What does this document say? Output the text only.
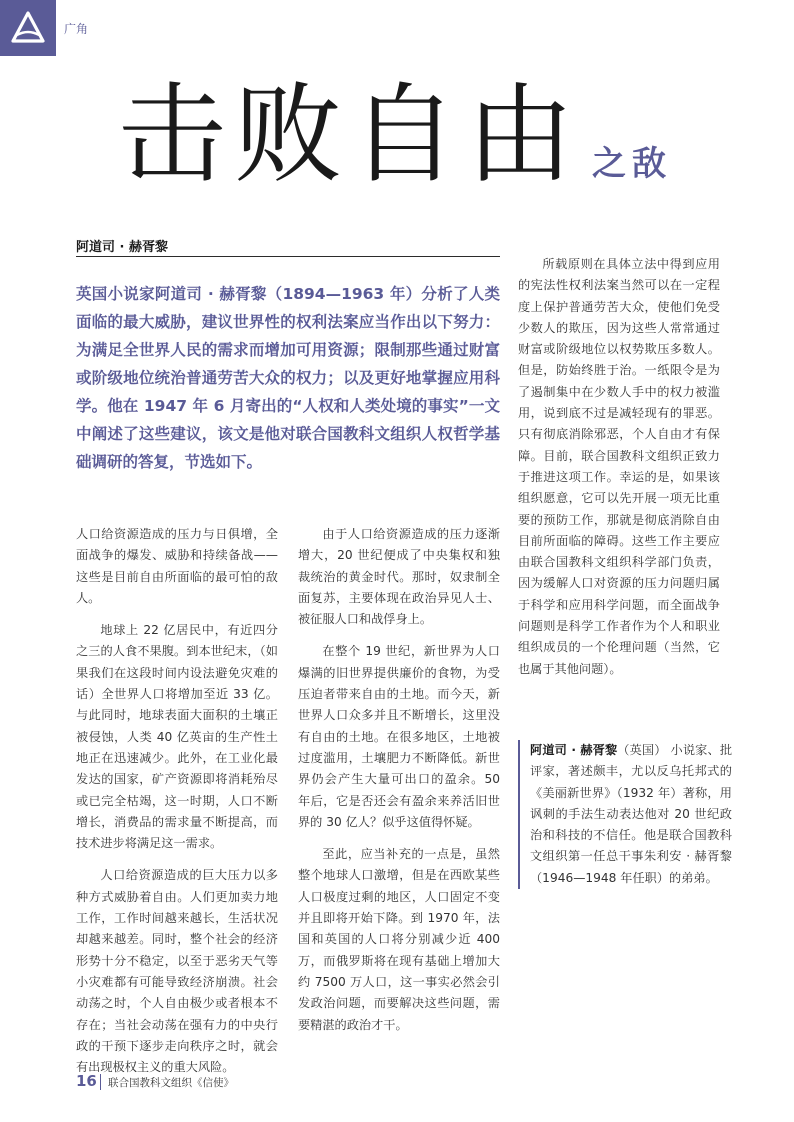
广角
击败自由 之敌
阿道司 · 赫胥黎

英国小说家阿道司 · 赫胥黎（1894—1963 年）分析了人类面临的最大威胁，建议世界性的权利法案应当作出以下努力：为满足全世界人民的需求而增加可用资源；限制那些通过财富或阶级地位统治普通劳苦大众的权力；以及更好地掌握应用科学。他在 1947 年 6 月寄出的“人权和人类处境的事实”一文中阐述了这些建议，该文是他对联合国教科文组织人权哲学基础调研的答复，节选如下。

人口给资源造成的压力与日俱增，全面战争的爆发、威胁和持续备战——这些是目前自由所面临的最可怕的敌人。

地球上 22 亿居民中，有近四分之三的人食不果腹。到本世纪末，（如果我们在这段时间内设法避免灾难的话）全世界人口将增加至近 33 亿。与此同时，地球表面大面积的土壤正被侵蚀，人类 40 亿英亩的生产性土地正在迅速减少。此外，在工业化最发达的国家，矿产资源即将消耗殆尽或已完全枯竭，这一时期，人口不断增长，消费品的需求量不断提高，而技术进步将满足这一需求。

人口给资源造成的巨大压力以多种方式威胁着自由。人们更加卖力地工作，工作时间越来越长，生活状况却越来越差。同时，整个社会的经济形势十分不稳定，以至于恶劣天气等小灾难都有可能导致经济崩溃。社会动荡之时，个人自由极少或者根本不存在；当社会动荡在强有力的中央行政的干预下逐步走向秩序之时，就会有出现极权主义的重大风险。

由于人口给资源造成的压力逐渐增大，20 世纪便成了中央集权和独裁统治的黄金时代。那时，奴隶制全面复苏，主要体现在政治异见人士、被征服人口和战俘身上。

在整个 19 世纪，新世界为人口爆满的旧世界提供廉价的食物，为受压迫者带来自由的土地。而今天，新世界人口众多并且不断增长，这里没有自由的土地。在很多地区，土地被过度滥用，土壤肥力不断降低。新世界仍会产生大量可出口的盈余。50 年后，它是否还会有盈余来养活旧世界的 30 亿人？似乎这值得怀疑。

至此，应当补充的一点是，虽然整个地球人口激增，但是在西欧某些人口极度过剩的地区，人口固定不变并且即将开始下降。到 1970 年，法国和英国的人口将分别减少近 400 万，而俄罗斯将在现有基础上增加大约 7500 万人口，这一事实必然会引发政治问题，而要解决这些问题，需要精湛的政治才干。

所载原则在具体立法中得到应用的宪法性权利法案当然可以在一定程度上保护普通劳苦大众，使他们免受少数人的欺压，因为这些人常常通过财富或阶级地位以权势欺压多数人。但是，防始终胜于治。一纸限令是为了遏制集中在少数人手中的权力被滥用，说到底不过是减轻现有的罪恶。只有彻底消除邪恶，个人自由才有保障。目前，联合国教科文组织正致力于推进这项工作。幸运的是，如果该组织愿意，它可以先开展一项无比重要的预防工作，那就是彻底消除自由目前所面临的障碍。这些工作主要应由联合国教科文组织科学部门负责，因为缓解人口对资源的压力问题归属于科学和应用科学问题，而全面战争问题则是科学工作者作为个人和职业组织成员的一个伦理问题（当然，它也属于其他问题）。

阿道司 · 赫胥黎（英国） 小说家、批评家，著述颇丰，尤以反乌托邦式的《美丽新世界》（1932 年）著称，用讽刺的手法生动表达他对 20 世纪政治和科技的不信任。他是联合国教科文组织第一任总干事朱利安 · 赫胥黎（1946—1948 年任职）的弟弟。

16 联合国教科文组织《信使》
